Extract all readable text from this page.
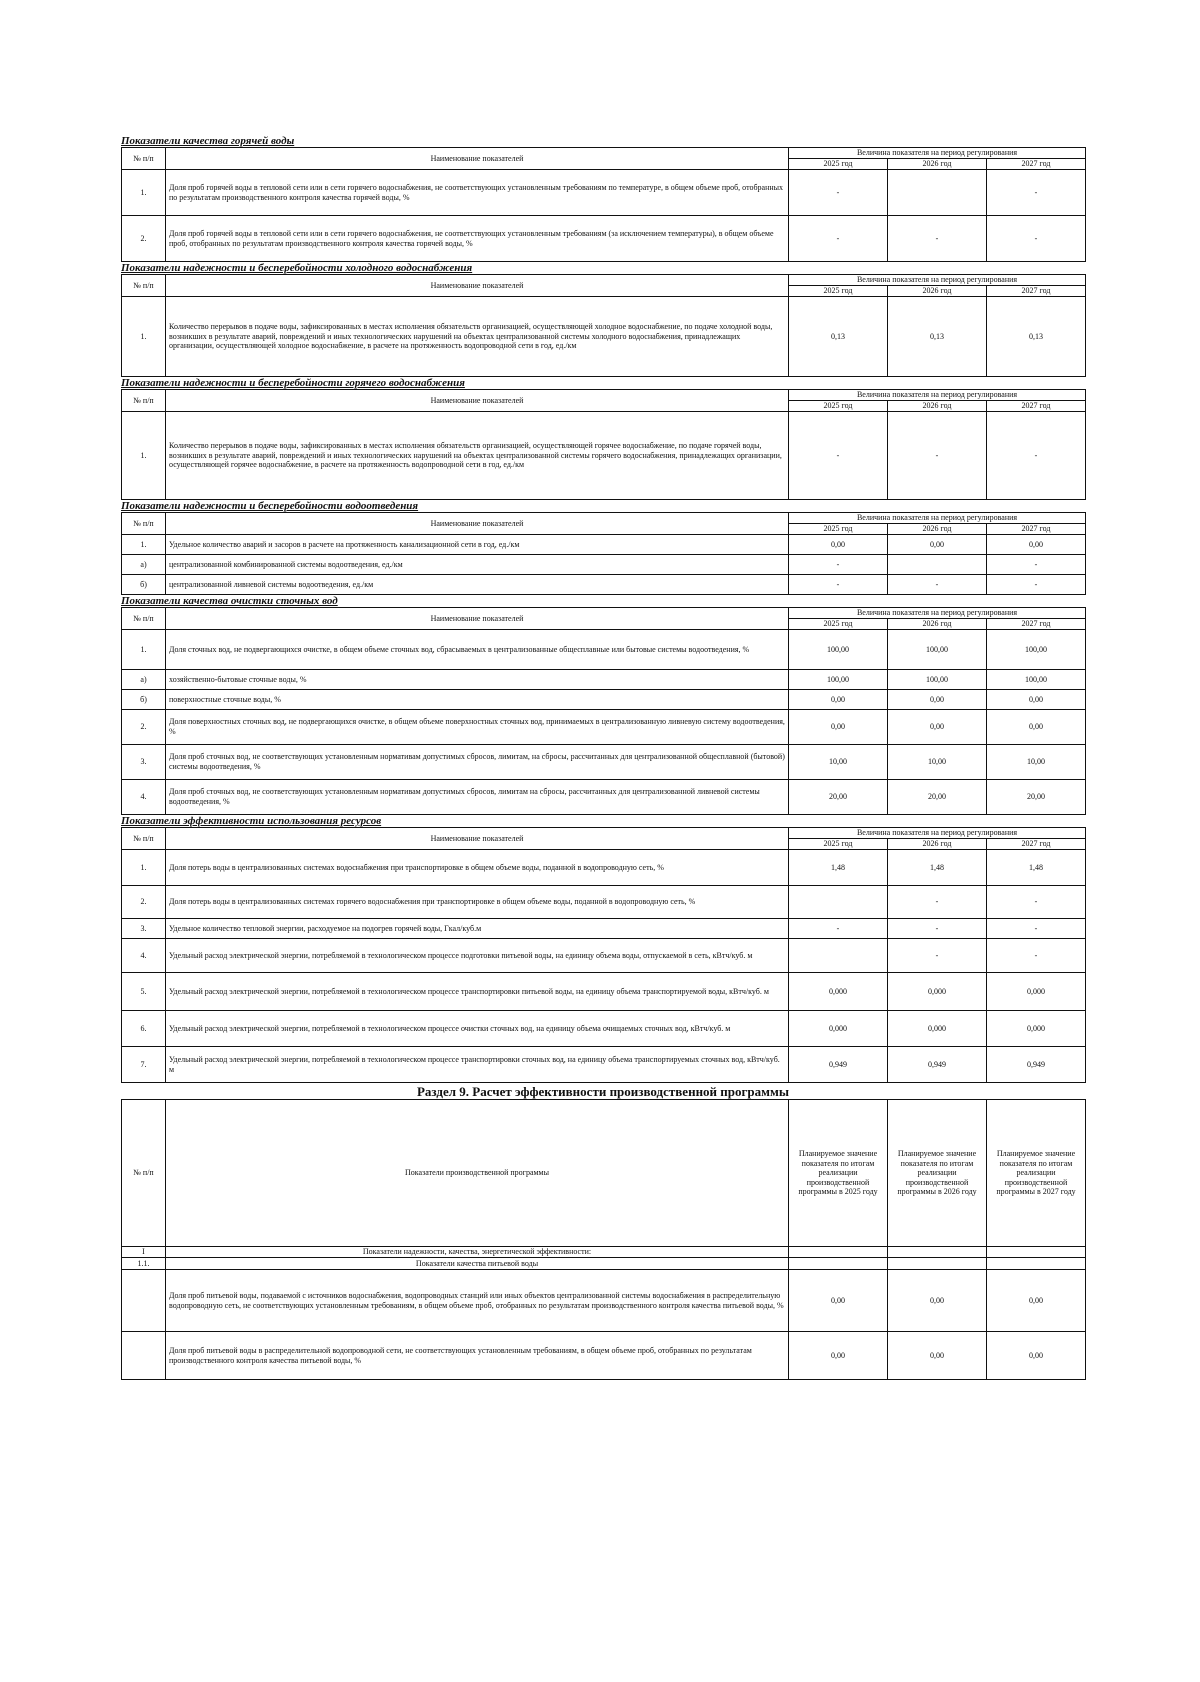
Показатели качества горячей воды
№ п/п	Наименование показателей	Величина показателя на период регулирования		
		2025 год	2026 год	2027 год
1.	Доля проб горячей воды в тепловой сети или в сети горячего водоснабжения, не соответствующих установленным требованиям по температуре, в общем объеме проб, отобранных по результатам производственного контроля качества горячей воды, %	-		-
2.	Доля проб горячей воды в тепловой сети или в сети горячего водоснабжения, не соответствующих установленным требованиям (за исключением температуры), в общем объеме проб, отобранных по результатам производственного контроля качества горячей воды, %	-	-	-
Показатели надежности и бесперебойности холодного водоснабжения
№ п/п	Наименование показателей	Величина показателя на период регулирования		
		2025 год	2026 год	2027 год
1.	Количество перерывов в подаче воды, зафиксированных в местах исполнения обязательств организацией, осуществляющей холодное водоснабжение, по подаче холодной воды, возникших в результате аварий, повреждений и иных технологических нарушений на объектах централизованной системы холодного водоснабжения, принадлежащих организации, осуществляющей холодное водоснабжение, в расчете на протяженность водопроводной сети в год, ед./км	0,13	0,13	0,13
Показатели надежности и бесперебойности горячего водоснабжения
№ п/п	Наименование показателей	Величина показателя на период регулирования		
		2025 год	2026 год	2027 год
1.	Количество перерывов в подаче воды, зафиксированных в местах исполнения обязательств организацией, осуществляющей горячее водоснабжение, по подаче горячей воды, возникших в результате аварий, повреждений и иных технологических нарушений на объектах централизованной системы горячего водоснабжения, принадлежащих организации, осуществляющей горячее водоснабжение, в расчете на протяженность водопроводной сети в год, ед./км	-	-	-
Показатели надежности и бесперебойности водоотведения
№ п/п	Наименование показателей	Величина показателя на период регулирования		
		2025 год	2026 год	2027 год
1.	Удельное количество аварий и засоров в расчете на протяженность канализационной сети в год, ед./км	0,00	0,00	0,00
а)	централизованной комбинированной системы водоотведения, ед./км	-		-
б)	централизованной ливневой системы водоотведения, ед./км	-	-	-
Показатели качества очистки сточных вод
№ п/п	Наименование показателей	Величина показателя на период регулирования		
		2025 год	2026 год	2027 год
1.	Доля сточных вод, не подвергающихся очистке, в общем объеме сточных вод, сбрасываемых в централизованные общесплавные или бытовые системы водоотведения, %	100,00	100,00	100,00
а)	хозяйственно-бытовые сточные воды, %	100,00	100,00	100,00
б)	поверхностные сточные воды, %	0,00	0,00	0,00
2.	Доля поверхностных сточных вод, не подвергающихся очистке, в общем объеме поверхностных сточных вод, принимаемых в централизованную ливневую систему водоотведения, %	0,00	0,00	0,00
3.	Доля проб сточных вод, не соответствующих установленным нормативам допустимых сбросов, лимитам, на сбросы, рассчитанных для централизованной общесплавной (бытовой) системы водоотведения, %	10,00	10,00	10,00
4.	Доля проб сточных вод, не соответствующих установленным нормативам допустимых сбросов, лимитам на сбросы, рассчитанных для централизованной ливневой системы водоотведения, %	20,00	20,00	20,00
Показатели эффективности использования ресурсов
№ п/п	Наименование показателей	Величина показателя на период регулирования		
		2025 год	2026 год	2027 год
1.	Доля потерь воды в централизованных системах водоснабжения при транспортировке в общем объеме воды, поданной в водопроводную сеть, %	1,48	1,48	1,48
2.	Доля потерь воды в централизованных системах горячего водоснабжения при транспортировке в общем объеме воды, поданной в водопроводную сеть, %		-	-
3.	Удельное количество тепловой энергии, расходуемое на подогрев горячей воды, Гкал/куб.м	-	-	-
4.	Удельный расход электрической энергии, потребляемой в технологическом процессе подготовки питьевой воды, на единицу объема воды, отпускаемой в сеть, кВтч/куб. м		-	-
5.	Удельный расход электрической энергии, потребляемой в технологическом процессе транспортировки питьевой воды, на единицу объема транспортируемой воды, кВтч/куб. м	0,000	0,000	0,000
6.	Удельный расход электрической энергии, потребляемой в технологическом процессе очистки сточных вод, на единицу объема очищаемых сточных вод, кВтч/куб. м	0,000	0,000	0,000
7.	Удельный расход электрической энергии, потребляемой в технологическом процессе транспортировки сточных вод, на единицу объема транспортируемых сточных вод, кВтч/куб. м	0,949	0,949	0,949
Раздел 9. Расчет эффективности производственной программы
№ п/п	Показатели производственной программы	Планируемое значение показателя по итогам реализации производственной программы в 2025 году	Планируемое значение показателя по итогам реализации производственной программы в 2026 году	Планируемое значение показателя по итогам реализации производственной программы в 2027 году
I	Показатели надежности, качества, энергетической эффективности:			
1.1.	Показатели качества питьевой воды			
	Доля проб питьевой воды, подаваемой с источников водоснабжения, водопроводных станций или иных объектов централизованной системы водоснабжения в распределительную водопроводную сеть, не соответствующих установленным требованиям, в общем объеме проб, отобранных по результатам производственного контроля качества питьевой воды, %	0,00	0,00	0,00
	Доля проб питьевой воды в распределительной водопроводной сети, не соответствующих установленным требованиям, в общем объеме проб, отобранных по результатам производственного контроля качества питьевой воды, %	0,00	0,00	0,00
